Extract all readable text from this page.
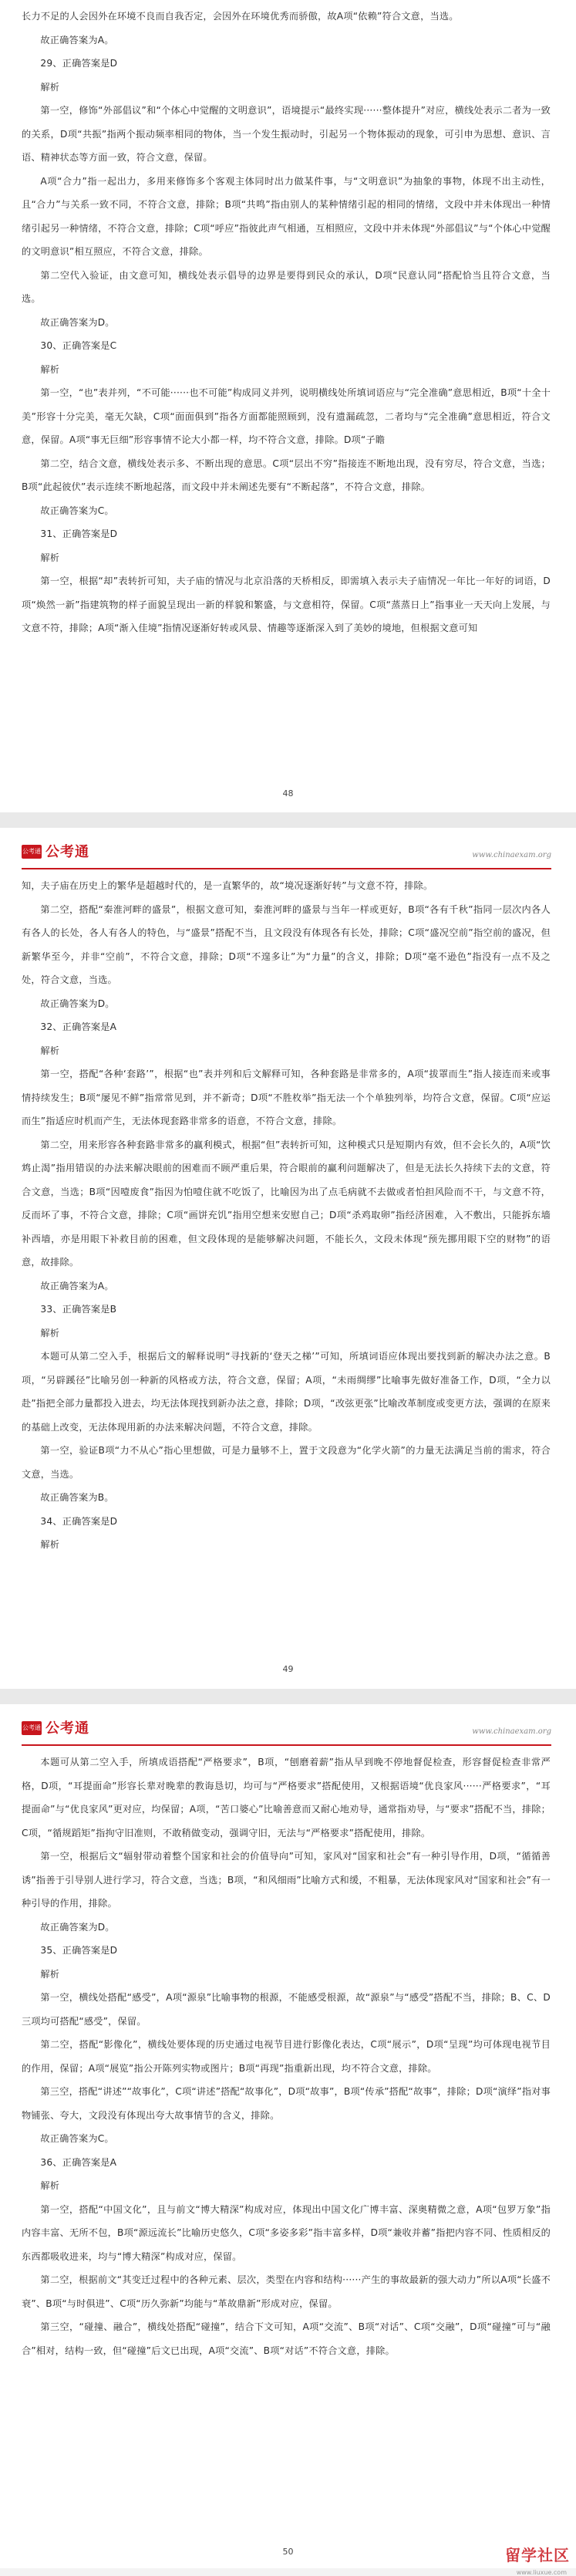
长力不足的人会因外在环境不良而自我否定，会因外在环境优秀而骄傲，故A项“依赖”符合文意，当选。

故正确答案为A。

29、正确答案是D

解析

第一空，修饰“外部倡议”和“个体心中觉醒的文明意识”，语境提示“最终实现······整体提升”对应，横线处表示二者为一致的关系，D项“共振”指两个振动频率相同的物体，当一个发生振动时，引起另一个物体振动的现象，可引申为思想、意识、言语、精神状态等方面一致，符合文意，保留。

A项“合力”指一起出力，多用来修饰多个客观主体同时出力做某件事，与“文明意识”为抽象的事物，体现不出主动性，且“合力”与关系一致不同，不符合文意，排除；B项“共鸣”指由别人的某种情绪引起的相同的情绪，文段中并未体现出一种情绪引起另一种情绪，不符合文意，排除；C项“呼应”指彼此声气相通，互相照应，文段中并未体现“外部倡议”与“个体心中觉醒的文明意识”相互照应，不符合文意，排除。

第二空代入验证，由文意可知，横线处表示倡导的边界是要得到民众的承认，D项“民意认同”搭配恰当且符合文意，当选。

故正确答案为D。

30、正确答案是C

解析

第一空，“也”表并列，“不可能······也不可能”构成同义并列，说明横线处所填词语应与“完全准确”意思相近，B项“十全十美”形容十分完美，毫无欠缺，C项“面面俱到”指各方面都能照顾到，没有遗漏疏忽，二者均与“完全准确”意思相近，符合文意，保留。A项“事无巨细”形容事情不论大小都一样，均不符合文意，排除。D项“子瞻

第二空，结合文意，横线处表示多、不断出现的意思。C项“层出不穷”指接连不断地出现，没有穷尽，符合文意，当选；B项“此起彼伏”表示连续不断地起落，而文段中并未阐述先要有“不断起落”，不符合文意，排除。

故正确答案为C。

31、正确答案是D

解析

第一空，根据“却”表转折可知，夫子庙的情况与北京沿落的天桥相反，即需填入表示夫子庙情况一年比一年好的词语，D项“焕然一新”指建筑物的样子面貌呈现出一新的样貌和繁盛，与文意相符，保留。C项“蒸蒸日上”指事业一天天向上发展，与文意不符，排除；A项“渐入佳境”指情况逐渐好转或风景、情趣等逐渐深入到了美妙的境地，但根据文意可知

48
公考通 公考通	www.chinaexam.org

知，夫子庙在历史上的繁华是超越时代的，是一直繁华的，故“境况逐渐好转”与文意不符，排除。

第二空，搭配“秦淮河畔的盛景”，根据文意可知，秦淮河畔的盛景与当年一样或更好，B项“各有千秋”指同一层次内各人有各人的长处，各人有各人的特色，与“盛景”搭配不当，且文段没有体现各有长处，排除；C项“盛况空前”指空前的盛况，但新繁华至今，并非“空前”，不符合文意，排除；D项“不遑多让”为“力量”的含义，排除；D项“毫不逊色”指没有一点不及之处，符合文意，当选。

故正确答案为D。

32、正确答案是A

解析

第一空，搭配“各种‘套路’”，根据“也”表并列和后文解释可知，各种套路是非常多的，A项“拔罩而生”指人接连而来或事情持续发生；B项“屡见不鲜”指常常见到，并不新奇；D项“不胜枚举”指无法一个个单独列举，均符合文意，保留。C项“应运而生”指适应时机而产生，无法体现套路非常多的语意，不符合文意，排除。

第二空，用来形容各种套路非常多的赢利模式，根据“但”表转折可知，这种模式只是短期内有效，但不会长久的，A项“饮鸩止渴”指用错误的办法来解决眼前的困难而不顾严重后果，符合眼前的赢利问题解决了，但是无法长久持续下去的文意，符合文意，当选；B项“因噎废食”指因为怕噎住就不吃饭了，比喻因为出了点毛病就不去做或者怕担风险而不干，与文意不符，反而坏了事，不符合文意，排除；C项“画饼充饥”指用空想来安慰自己；D项“杀鸡取卵”指经济困难，入不敷出，只能拆东墙补西墙，亦是用眼下补救目前的困难，但文段体现的是能够解决问题，不能长久，文段未体现“预先挪用眼下空的财物”的语意，故排除。

故正确答案为A。

33、正确答案是B

解析

本题可从第二空入手，根据后文的解释说明“寻找新的‘登天之梯’”可知，所填词语应体现出要找到新的解决办法之意。B项，“另辟蹊径”比喻另创一种新的风格或方法，符合文意，保留；A项，“未雨绸缪”比喻事先做好准备工作，D项，“全力以赴”指把全部力量都投入进去，均无法体现找到新办法之意，排除；D项，“改弦更张”比喻改革制度或变更方法，强调的在原来的基础上改变，无法体现用新的办法来解决问题，不符合文意，排除。

第一空，验证B项“力不从心”指心里想做，可是力量够不上，置于文段意为“化学火箭”的力量无法满足当前的需求，符合文意，当选。

故正确答案为B。

34、正确答案是D

解析

49
公考通 公考通	www.chinaexam.org

本题可从第二空入手，所填成语搭配“严格要求”，B项，“刨磨着薪”指从早到晚不停地督促检查，形容督促检查非常严格，D项，“耳提面命”形容长辈对晚辈的教诲恳切，均可与“严格要求”搭配使用，又根据语境“优良家风······严格要求”，“耳提面命”与“优良家风”更对应，均保留；A项，“苦口婆心”比喻善意而又耐心地劝导，通常指劝导，与“要求”搭配不当，排除；C项，“循规蹈矩”指拘守旧准则，不敢稍做变动，强调守旧，无法与“严格要求”搭配使用，排除。

第一空，根据后文“辐射带动着整个国家和社会的价值导向”可知，家风对“国家和社会”有一种引导作用，D项，“循循善诱”指善于引导别人进行学习，符合文意，当选；B项，“和风细雨”比喻方式和缓，不粗暴，无法体现家风对“国家和社会”有一种引导的作用，排除。

故正确答案为D。

35、正确答案是D

解析

第一空，横线处搭配“感受”，A项“源泉”比喻事物的根源，不能感受根源，故“源泉”与“感受”搭配不当，排除；B、C、D三项均可搭配“感受”，保留。

第二空，搭配“影像化”，横线处要体现的历史通过电视节目进行影像化表达，C项“展示”，D项“呈现”均可体现电视节目的作用，保留；A项“展览”指公开陈列实物或图片；B项“再现”指重新出现，均不符合文意，排除。

第三空，搭配“讲述”“故事化”，C项“讲述”搭配“故事化”，D项“故事”，B项“传承”搭配“故事”，排除；D项“演绎”指对事物铺张、夸大，文段没有体现出夸大故事情节的含义，排除。

故正确答案为C。

36、正确答案是A

解析

第一空，搭配“中国文化”，且与前文“博大精深”构成对应，体现出中国文化广博丰富、深奥精微之意，A项“包罗万象”指内容丰富、无所不包，B项“源远流长”比喻历史悠久，C项“多姿多彩”指丰富多样，D项“兼收并蓄”指把内容不同、性质相反的东西都吸收进来，均与“博大精深”构成对应，保留。

第二空，根据前文“其变迁过程中的各种元素、层次，类型在内容和结构······产生的事故最新的强大动力”所以A项“长盛不衰”、B项“与时俱进”、C项“历久弥新”均能与“革故鼎新”形成对应，保留。

第三空，“碰撞、融合”，横线处搭配“碰撞”，结合下文可知，A项“交流”、B项“对话”、C项“交融”，D项“碰撞”可与“融合”相对，结构一致，但“碰撞”后文已出现，A项“交流”、B项“对话”不符合文意，排除。

50	留学社区
www.liuxue.com
